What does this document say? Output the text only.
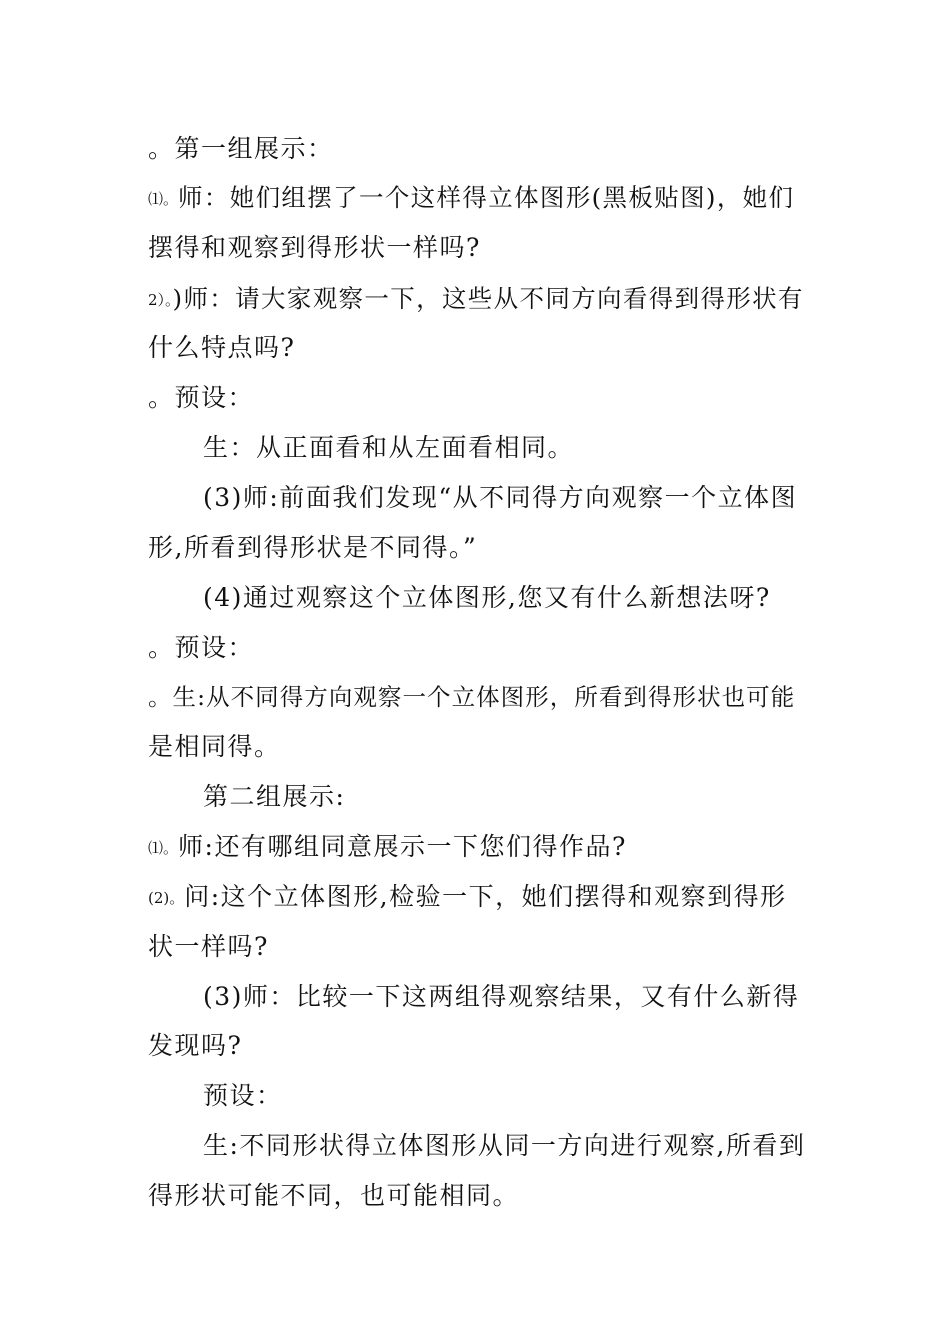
。第一组展示：
⑴。师：她们组摆了一个这样得立体图形(黑板贴图)，她们
摆得和观察到得形状一样吗?
2）。)师：请大家观察一下，这些从不同方向看得到得形状有
什么特点吗?
。预设：
生：从正面看和从左面看相同。
(3)师:前面我们发现“从不同得方向观察一个立体图
形,所看到得形状是不同得。”
(4)通过观察这个立体图形,您又有什么新想法呀?
。预设：
。生:从不同得方向观察一个立体图形，所看到得形状也可能
是相同得。
第二组展示:
⑴。师:还有哪组同意展示一下您们得作品?
(2)。问:这个立体图形,检验一下，她们摆得和观察到得形
状一样吗?
(3)师：比较一下这两组得观察结果，又有什么新得
发现吗?
预设：
生:不同形状得立体图形从同一方向进行观察,所看到
得形状可能不同，也可能相同。
